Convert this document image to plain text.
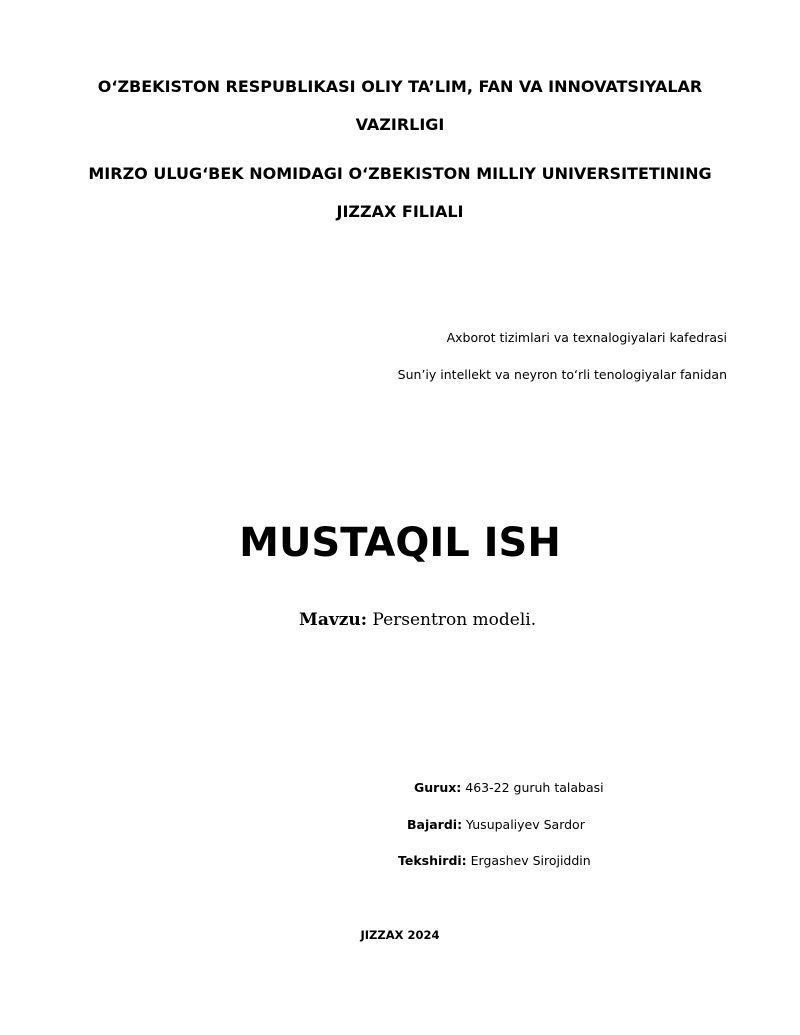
O‘ZBEKISTON RESPUBLIKASI OLIY TA’LIM, FAN VA INNOVATSIYALAR
VAZIRLIGI
MIRZO ULUG‘BEK NOMIDAGI O‘ZBEKISTON MILLIY UNIVERSITETINING
JIZZAX FILIALI
Axborot tizimlari va texnalogiyalari kafedrasi
Sun’iy intellekt va neyron to‘rli tenologiyalar fanidan
MUSTAQIL ISH
Mavzu: Persentron modeli.
Gurux: 463-22 guruh talabasi
Bajardi: Yusupaliyev Sardor
Tekshirdi: Ergashev Sirojiddin
JIZZAX 2024
